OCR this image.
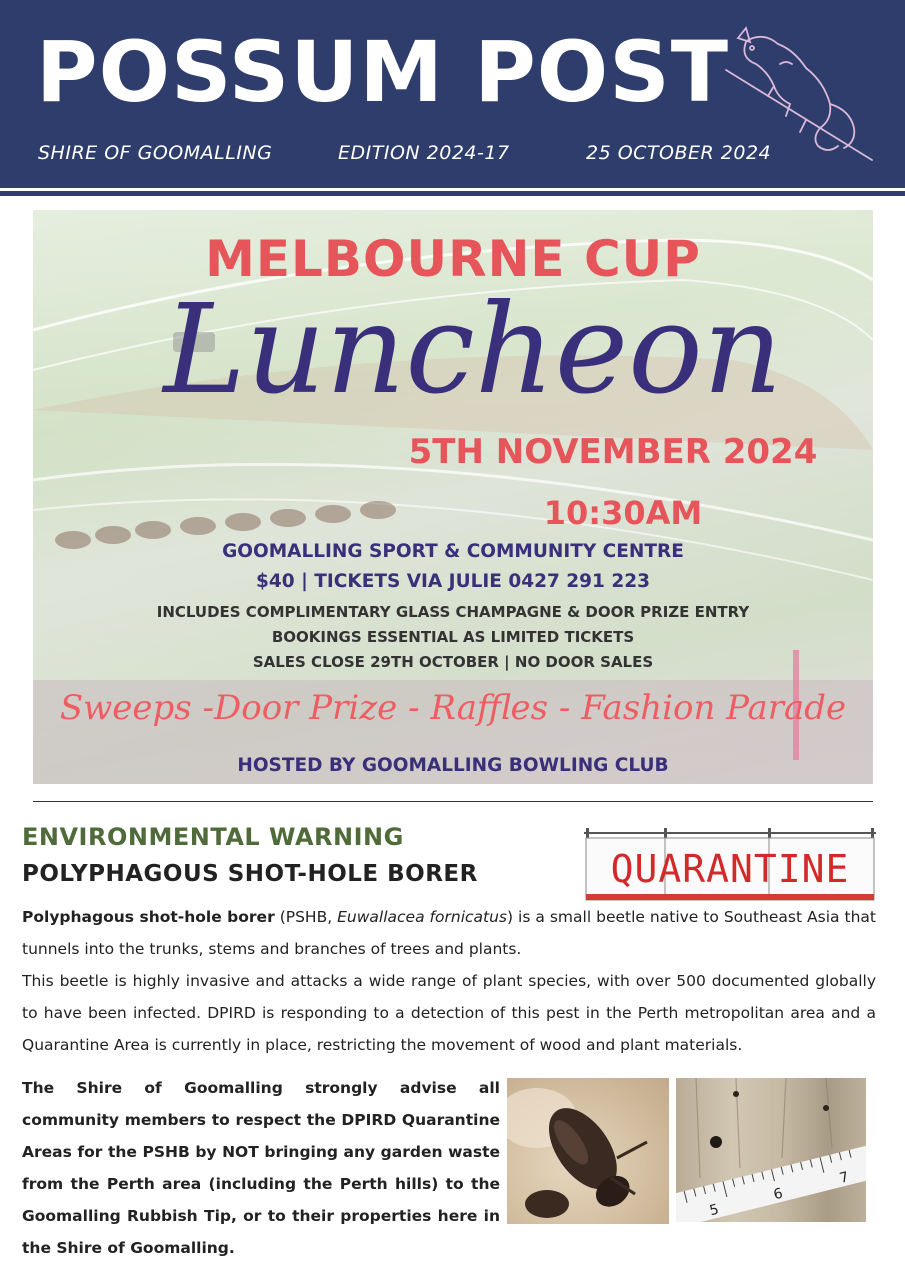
POSSUM POST
SHIRE OF GOOMALLING	EDITION 2024-17	25 OCTOBER 2024
MELBOURNE CUP
Luncheon
5TH NOVEMBER 2024
10:30AM
GOOMALLING SPORT & COMMUNITY CENTRE
$40 | TICKETS VIA JULIE 0427 291 223
INCLUDES COMPLIMENTARY GLASS CHAMPAGNE & DOOR PRIZE ENTRY
BOOKINGS ESSENTIAL AS LIMITED TICKETS
SALES CLOSE 29TH OCTOBER | NO DOOR SALES
Sweeps -Door Prize - Raffles - Fashion Parade
HOSTED BY GOOMALLING BOWLING CLUB
ENVIRONMENTAL WARNING
POLYPHAGOUS SHOT-HOLE BORER	QUARANTINE

Polyphagous shot-hole borer (PSHB, Euwallacea fornicatus) is a small beetle native to Southeast Asia that tunnels into the trunks, stems and branches of trees and plants.

This beetle is highly invasive and attacks a wide range of plant species, with over 500 documented globally to have been infected. DPIRD is responding to a detection of this pest in the Perth metropolitan area and a Quarantine Area is currently in place, restricting the movement of wood and plant materials.

The Shire of Goomalling strongly advise all community members to respect the DPIRD Quarantine Areas for the PSHB by NOT bringing any garden waste from the Perth area (including the Perth hills) to the Goomalling Rubbish Tip, or to their properties here in the Shire of Goomalling.

5
6
7
